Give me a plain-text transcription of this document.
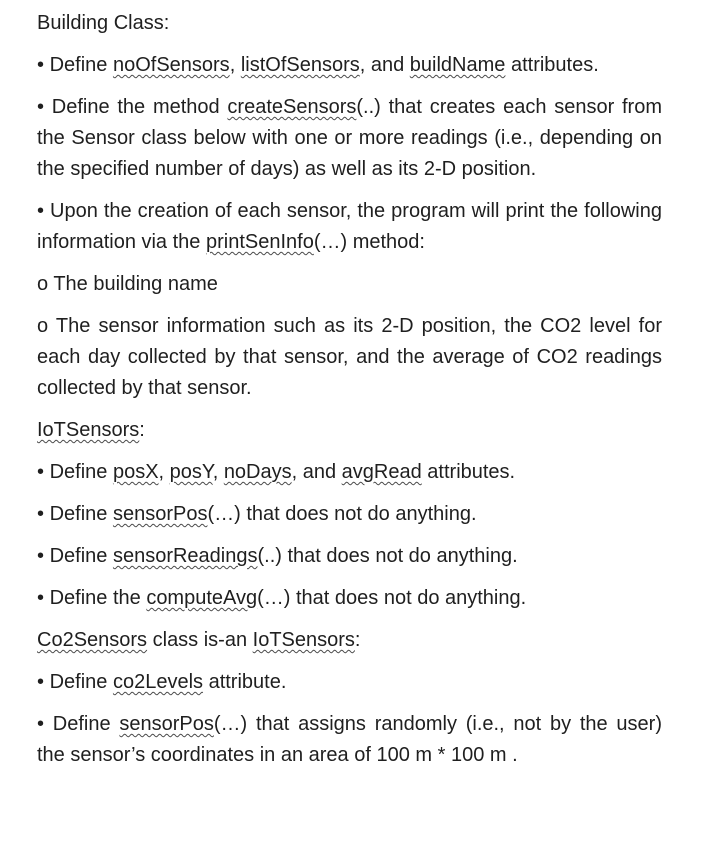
Building Class:
• Define noOfSensors, listOfSensors, and buildName attributes.
• Define the method createSensors(..) that creates each sensor from the Sensor class below with one or more readings (i.e., depending on the specified number of days) as well as its 2-D position.
• Upon the creation of each sensor, the program will print the following information via the printSenInfo(…) method:
o The building name
o The sensor information such as its 2-D position, the CO2 level for each day collected by that sensor, and the average of CO2 readings collected by that sensor.
IoTSensors:
• Define posX, posY, noDays, and avgRead attributes.
• Define sensorPos(…) that does not do anything.
• Define sensorReadings(..) that does not do anything.
• Define the computeAvg(…) that does not do anything.
Co2Sensors class is-an IoTSensors:
• Define co2Levels attribute.
• Define sensorPos(…) that assigns randomly (i.e., not by the user) the sensor’s coordinates in an area of 100 m * 100 m .
